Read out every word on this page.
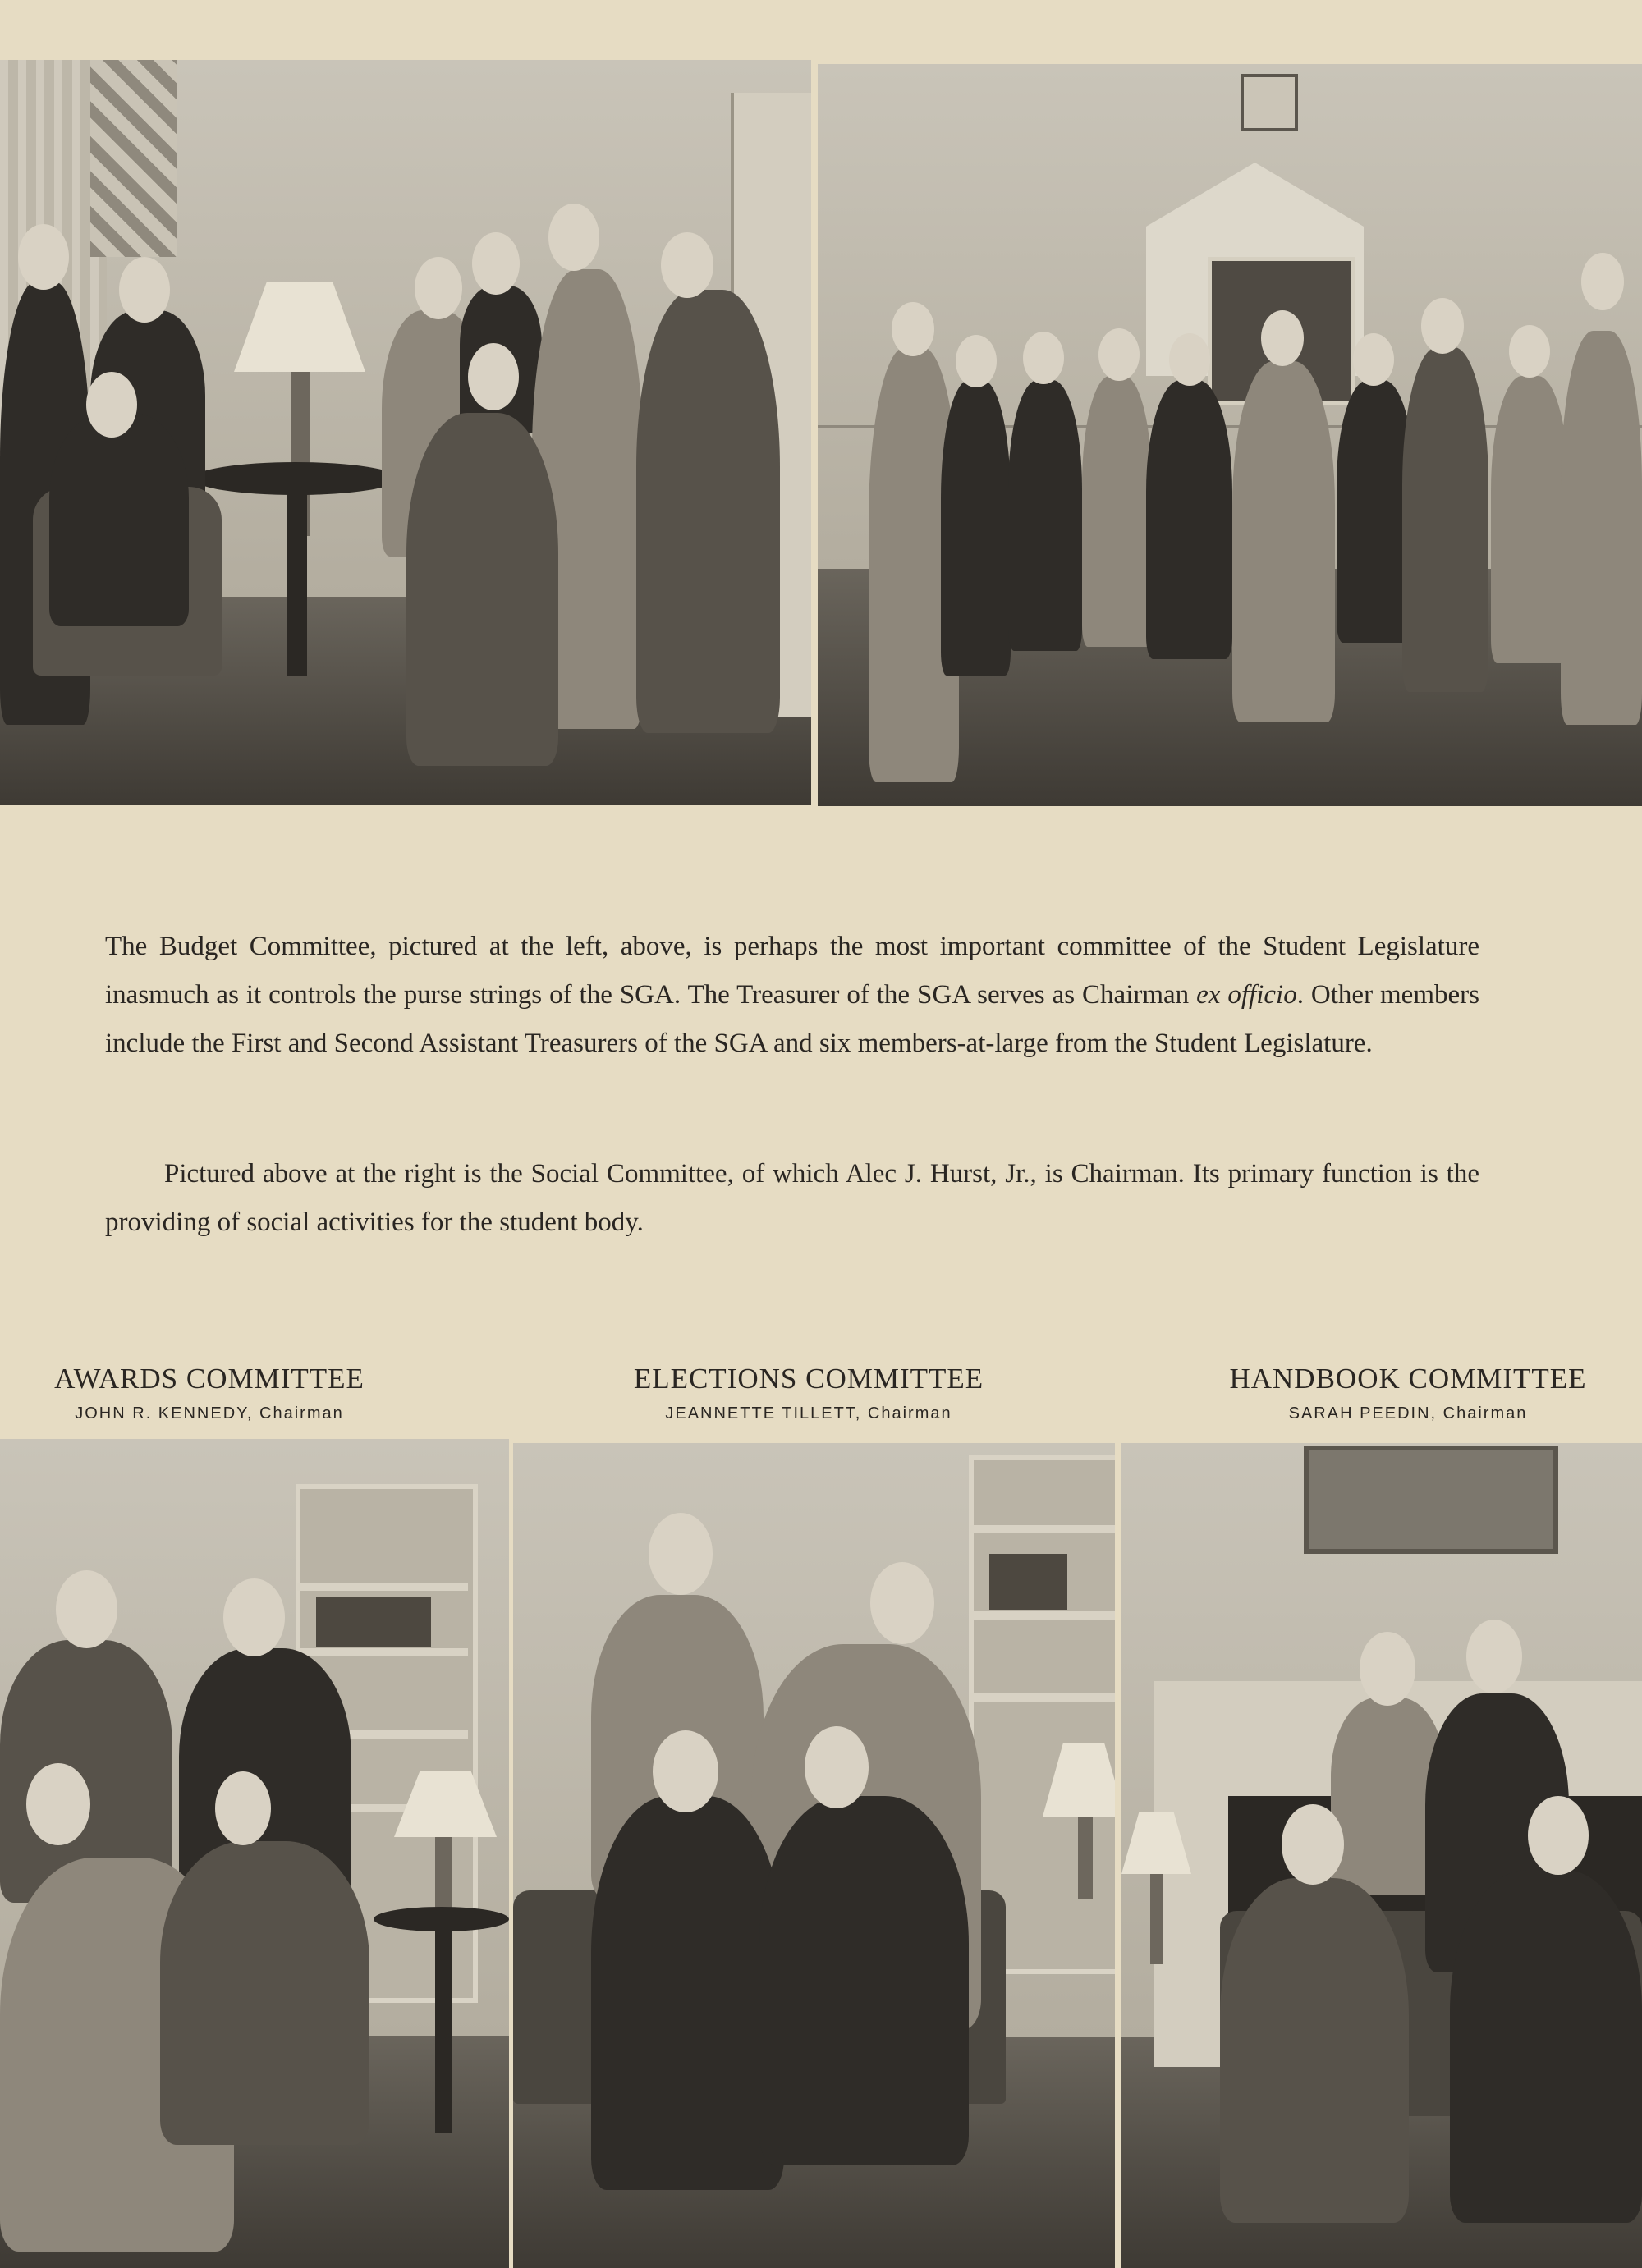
The Budget Committee, pictured at the left, above, is perhaps the most important committee of the Student Legislature inasmuch as it controls the purse strings of the SGA. The Treasurer of the SGA serves as Chairman ex officio. Other members include the First and Second Assistant Treasurers of the SGA and six members-at-large from the Student Legislature.

Pictured above at the right is the Social Committee, of which Alec J. Hurst, Jr., is Chairman. Its primary function is the providing of social activities for the student body.

AWARDS COMMITTEE
JOHN R. KENNEDY, Chairman
ELECTIONS COMMITTEE
JEANNETTE TILLETT, Chairman
HANDBOOK COMMITTEE
SARAH PEEDIN, Chairman
